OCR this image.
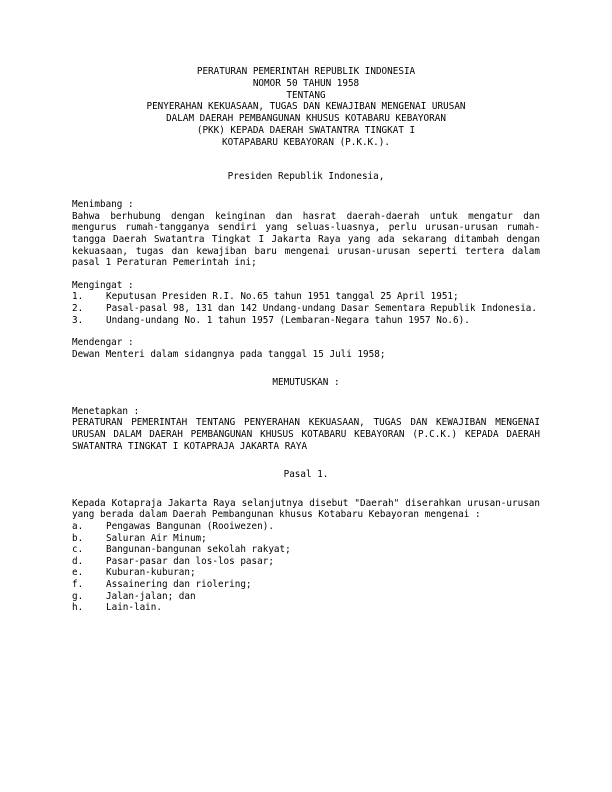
PERATURAN PEMERINTAH REPUBLIK INDONESIA
NOMOR 50 TAHUN 1958
TENTANG
PENYERAHAN KEKUASAAN, TUGAS DAN KEWAJIBAN MENGENAI URUSAN
DALAM DAERAH PEMBANGUNAN KHUSUS KOTABARU KEBAYORAN
(PKK) KEPADA DAERAH SWATANTRA TINGKAT I
KOTAPABARU KEBAYORAN (P.K.K.).
Presiden Republik Indonesia,
Menimbang :
Bahwa berhubung dengan keinginan dan hasrat daerah-daerah untuk mengatur dan mengurus rumah-tangganya sendiri yang seluas-luasnya, perlu urusan-urusan rumah-tangga Daerah Swatantra Tingkat I Jakarta Raya yang ada sekarang ditambah dengan kekuasaan, tugas dan kewajiban baru mengenai urusan-urusan seperti tertera dalam pasal 1 Peraturan Pemerintah ini;
Mengingat :
1.	Keputusan Presiden R.I. No.65 tahun 1951 tanggal 25 April 1951;
2.	Pasal-pasal 98, 131 dan 142 Undang-undang Dasar Sementara Republik Indonesia.
3.	Undang-undang No. 1 tahun 1957 (Lembaran-Negara tahun 1957 No.6).
Mendengar :
Dewan Menteri dalam sidangnya pada tanggal 15 Juli 1958;
MEMUTUSKAN :
Menetapkan :
PERATURAN PEMERINTAH TENTANG PENYERAHAN KEKUASAAN, TUGAS DAN KEWAJIBAN MENGENAI URUSAN DALAM DAERAH PEMBANGUNAN KHUSUS KOTABARU KEBAYORAN (P.C.K.) KEPADA DAERAH SWATANTRA TINGKAT I KOTAPRAJA JAKARTA RAYA
Pasal 1.
Kepada Kotapraja Jakarta Raya selanjutnya disebut "Daerah" diserahkan urusan-urusan yang berada dalam Daerah Pembangunan khusus Kotabaru Kebayoran mengenai :
a.	Pengawas Bangunan (Rooiwezen).
b.	Saluran Air Minum;
c.	Bangunan-bangunan sekolah rakyat;
d.	Pasar-pasar dan los-los pasar;
e.	Kuburan-kuburan;
f.	Assainering dan riolering;
g.	Jalan-jalan; dan
h.	Lain-lain.
